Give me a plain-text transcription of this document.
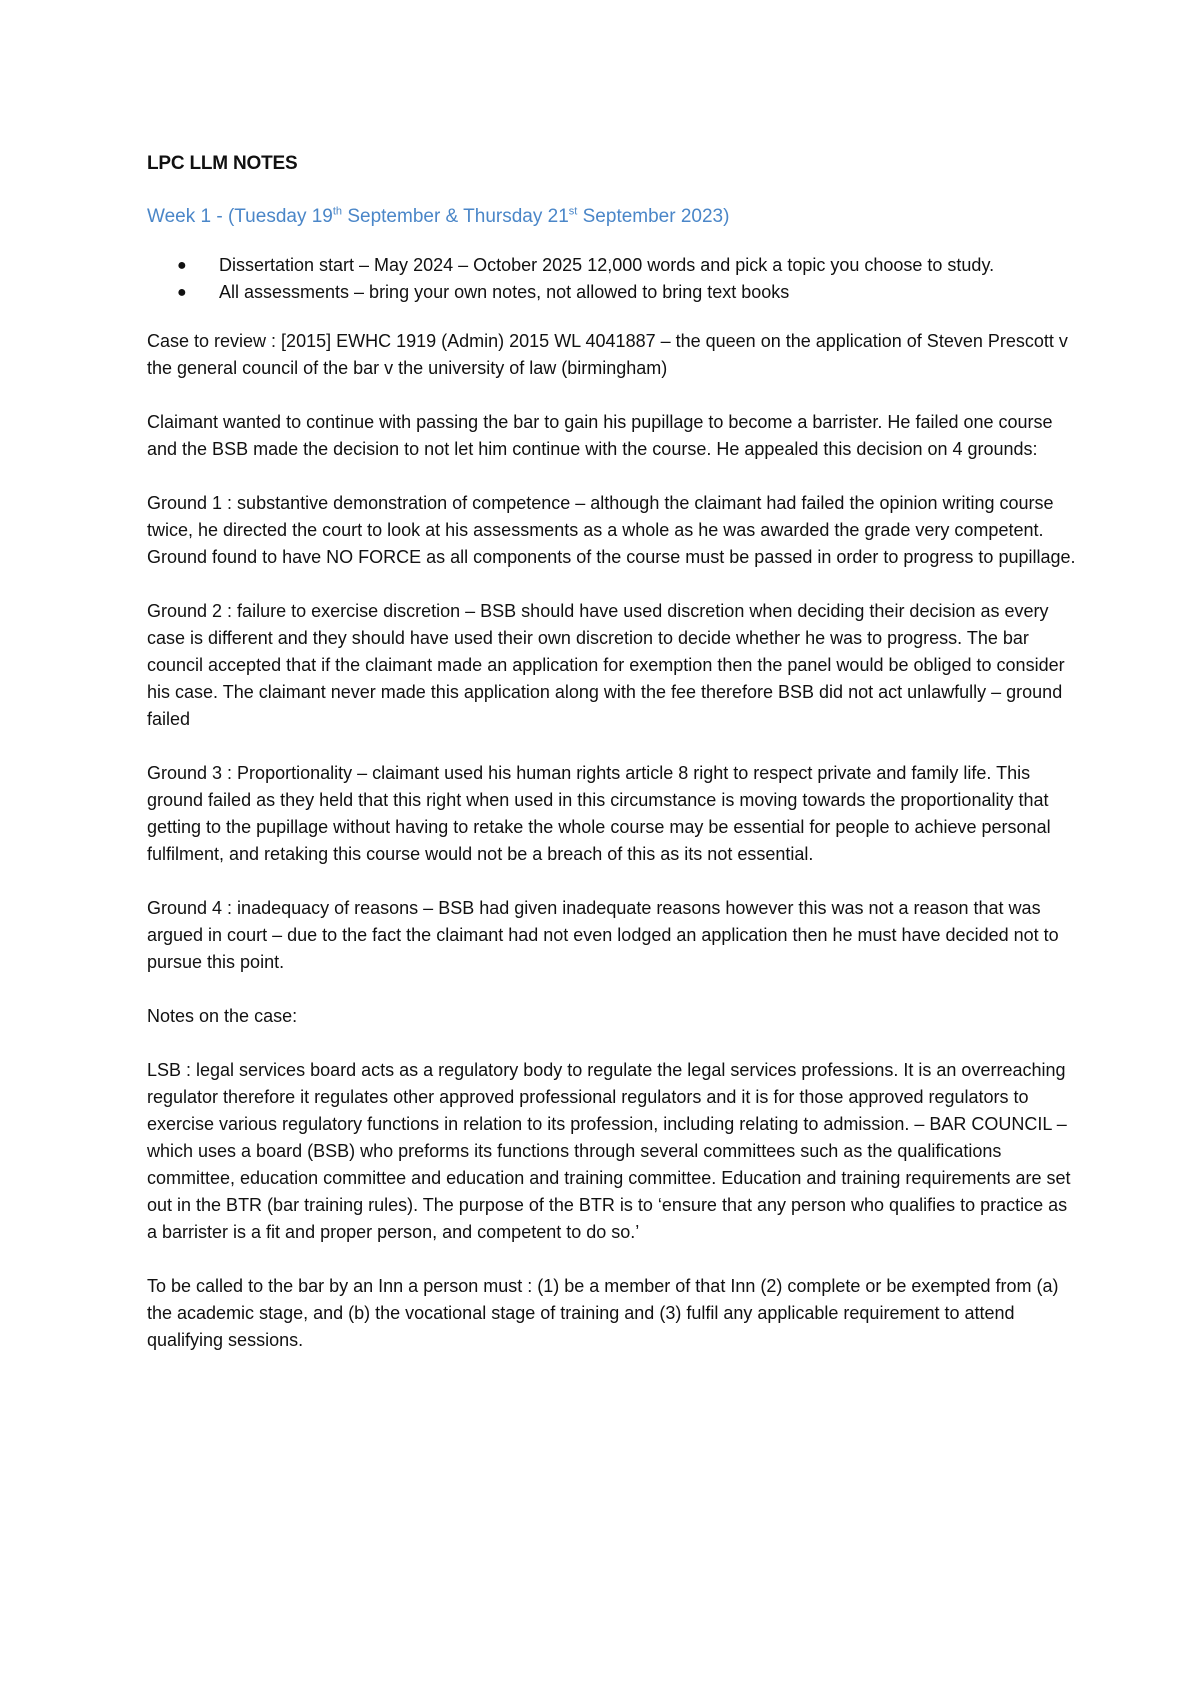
LPC LLM NOTES
Week 1 - (Tuesday 19th September & Thursday 21st September 2023)
● Dissertation start – May 2024 – October 2025 12,000 words and pick a topic you choose to study.
● All assessments – bring your own notes, not allowed to bring text books

Case to review : [2015] EWHC 1919 (Admin) 2015 WL 4041887 – the queen on the application of Steven Prescott v the general council of the bar v the university of law (birmingham)

Claimant wanted to continue with passing the bar to gain his pupillage to become a barrister. He failed one course and the BSB made the decision to not let him continue with the course. He appealed this decision on 4 grounds:

Ground 1 : substantive demonstration of competence – although the claimant had failed the opinion writing course twice, he directed the court to look at his assessments as a whole as he was awarded the grade very competent. Ground found to have NO FORCE as all components of the course must be passed in order to progress to pupillage.

Ground 2 : failure to exercise discretion – BSB should have used discretion when deciding their decision as every case is different and they should have used their own discretion to decide whether he was to progress. The bar council accepted that if the claimant made an application for exemption then the panel would be obliged to consider his case. The claimant never made this application along with the fee therefore BSB did not act unlawfully – ground failed

Ground 3 : Proportionality – claimant used his human rights article 8 right to respect private and family life. This ground failed as they held that this right when used in this circumstance is moving towards the proportionality that getting to the pupillage without having to retake the whole course may be essential for people to achieve personal fulfilment, and retaking this course would not be a breach of this as its not essential.

Ground 4 : inadequacy of reasons – BSB had given inadequate reasons however this was not a reason that was argued in court – due to the fact the claimant had not even lodged an application then he must have decided not to pursue this point.

Notes on the case:

LSB : legal services board acts as a regulatory body to regulate the legal services professions. It is an overreaching regulator therefore it regulates other approved professional regulators and it is for those approved regulators to exercise various regulatory functions in relation to its profession, including relating to admission. – BAR COUNCIL – which uses a board (BSB) who preforms its functions through several committees such as the qualifications committee, education committee and education and training committee. Education and training requirements are set out in the BTR (bar training rules). The purpose of the BTR is to ‘ensure that any person who qualifies to practice as a barrister is a fit and proper person, and competent to do so.’

To be called to the bar by an Inn a person must : (1) be a member of that Inn (2) complete or be exempted from (a) the academic stage, and (b) the vocational stage of training and (3) fulfil any applicable requirement to attend qualifying sessions.
